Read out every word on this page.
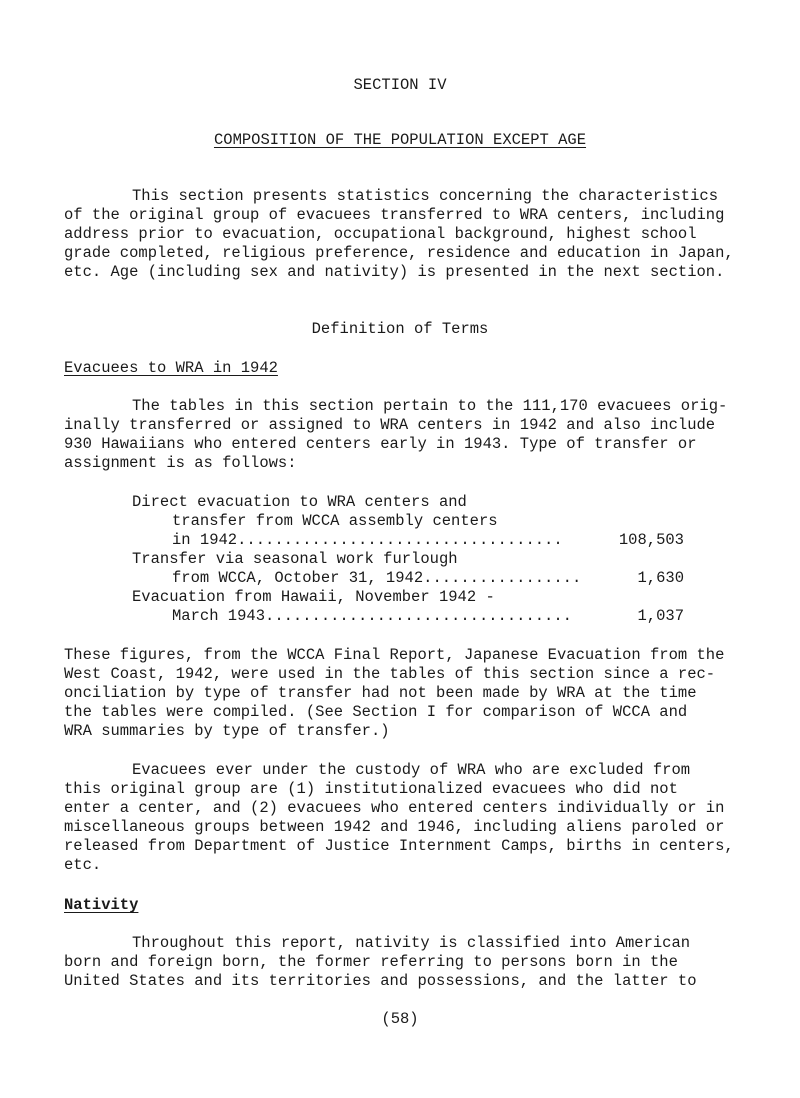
SECTION IV
COMPOSITION OF THE POPULATION EXCEPT AGE
This section presents statistics concerning the characteristics
of the original group of evacuees transferred to WRA centers, including
address prior to evacuation, occupational background, highest school
grade completed, religious preference, residence and education in Japan,
etc. Age (including sex and nativity) is presented in the next section.
Definition of Terms
Evacuees to WRA in 1942
The tables in this section pertain to the 111,170 evacuees orig-
inally transferred or assigned to WRA centers in 1942 and also include
930 Hawaiians who entered centers early in 1943. Type of transfer or
assignment is as follows:
Direct evacuation to WRA centers and
transfer from WCCA assembly centers
in 1942...................................	108,503
Transfer via seasonal work furlough
from WCCA, October 31, 1942.................	1,630
Evacuation from Hawaii, November 1942 -
March 1943.................................	1,037
These figures, from the WCCA Final Report, Japanese Evacuation from the
West Coast, 1942, were used in the tables of this section since a rec-
onciliation by type of transfer had not been made by WRA at the time
the tables were compiled. (See Section I for comparison of WCCA and
WRA summaries by type of transfer.)
Evacuees ever under the custody of WRA who are excluded from
this original group are (1) institutionalized evacuees who did not
enter a center, and (2) evacuees who entered centers individually or in
miscellaneous groups between 1942 and 1946, including aliens paroled or
released from Department of Justice Internment Camps, births in centers,
etc.
Nativity
Throughout this report, nativity is classified into American
born and foreign born, the former referring to persons born in the
United States and its territories and possessions, and the latter to
(58)
